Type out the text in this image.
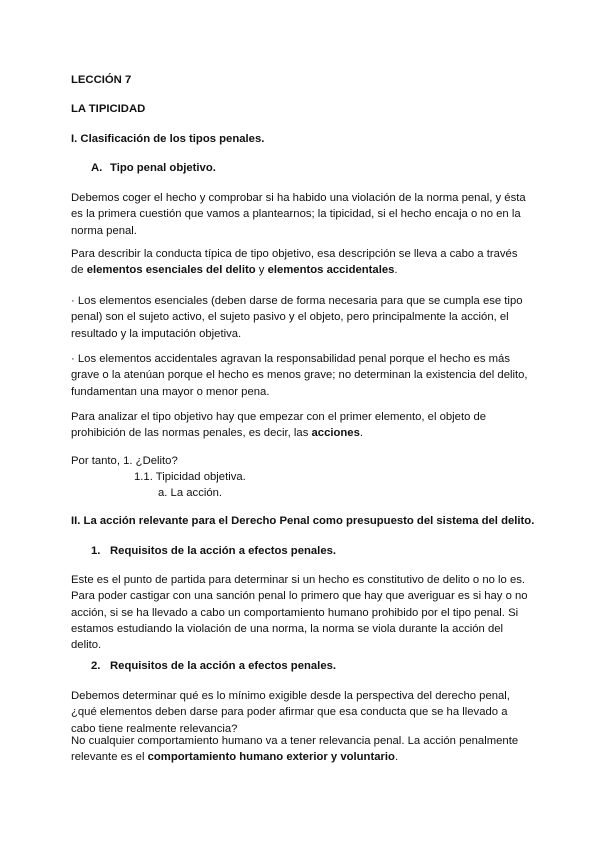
LECCIÓN 7
LA TIPICIDAD
I. Clasificación de los tipos penales.
A. Tipo penal objetivo.

Debemos coger el hecho y comprobar si ha habido una violación de la norma penal, y ésta es la primera cuestión que vamos a plantearnos; la tipicidad, si el hecho encaja o no en la norma penal.

Para describir la conducta típica de tipo objetivo, esa descripción se lleva a cabo a través de elementos esenciales del delito y elementos accidentales.

· Los elementos esenciales (deben darse de forma necesaria para que se cumpla ese tipo penal) son el sujeto activo, el sujeto pasivo y el objeto, pero principalmente la acción, el resultado y la imputación objetiva.

· Los elementos accidentales agravan la responsabilidad penal porque el hecho es más grave o la atenúan porque el hecho es menos grave; no determinan la existencia del delito, fundamentan una mayor o menor pena.

Para analizar el tipo objetivo hay que empezar con el primer elemento, el objeto de prohibición de las normas penales, es decir, las acciones.

Por tanto, 1. ¿Delito?
1.1. Tipicidad objetiva.
a. La acción.
II. La acción relevante para el Derecho Penal como presupuesto del sistema del delito.
1. Requisitos de la acción a efectos penales.

Este es el punto de partida para determinar si un hecho es constitutivo de delito o no lo es. Para poder castigar con una sanción penal lo primero que hay que averiguar es si hay o no acción, si se ha llevado a cabo un comportamiento humano prohibido por el tipo penal. Si estamos estudiando la violación de una norma, la norma se viola durante la acción del delito.

2. Requisitos de la acción a efectos penales.

Debemos determinar qué es lo mínimo exigible desde la perspectiva del derecho penal, ¿qué elementos deben darse para poder afirmar que esa conducta que se ha llevado a cabo tiene realmente relevancia?

No cualquier comportamiento humano va a tener relevancia penal. La acción penalmente relevante es el comportamiento humano exterior y voluntario.
